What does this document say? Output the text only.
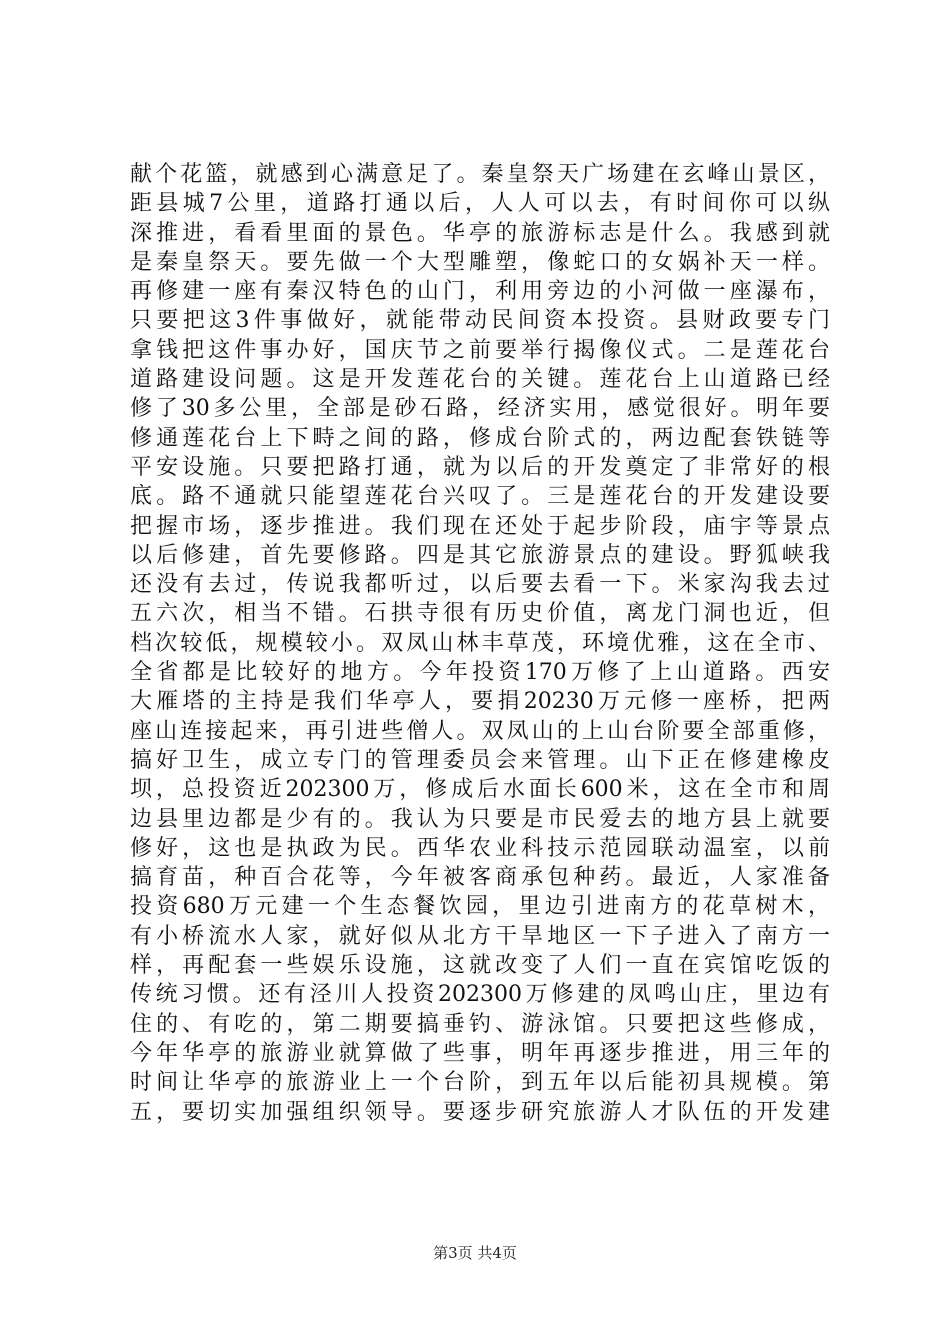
献个花篮，就感到心满意足了。秦皇祭天广场建在玄峰山景区，
距县城7公里，道路打通以后，人人可以去，有时间你可以纵
深推进，看看里面的景色。华亭的旅游标志是什么。我感到就
是秦皇祭天。要先做一个大型雕塑，像蛇口的女娲补天一样。
再修建一座有秦汉特色的山门，利用旁边的小河做一座瀑布，
只要把这3件事做好，就能带动民间资本投资。县财政要专门
拿钱把这件事办好，国庆节之前要举行揭像仪式。二是莲花台
道路建设问题。这是开发莲花台的关键。莲花台上山道路已经
修了30多公里，全部是砂石路，经济实用，感觉很好。明年要
修通莲花台上下畤之间的路，修成台阶式的，两边配套铁链等
平安设施。只要把路打通，就为以后的开发奠定了非常好的根
底。路不通就只能望莲花台兴叹了。三是莲花台的开发建设要
把握市场，逐步推进。我们现在还处于起步阶段，庙宇等景点
以后修建，首先要修路。四是其它旅游景点的建设。野狐峡我
还没有去过，传说我都听过，以后要去看一下。米家沟我去过
五六次，相当不错。石拱寺很有历史价值，离龙门洞也近，但
档次较低，规模较小。双凤山林丰草茂，环境优雅，这在全市、
全省都是比较好的地方。今年投资170万修了上山道路。西安
大雁塔的主持是我们华亭人，要捐20230万元修一座桥，把两
座山连接起来，再引进些僧人。双凤山的上山台阶要全部重修，
搞好卫生，成立专门的管理委员会来管理。山下正在修建橡皮
坝，总投资近202300万，修成后水面长600米，这在全市和周
边县里边都是少有的。我认为只要是市民爱去的地方县上就要
修好，这也是执政为民。西华农业科技示范园联动温室，以前
搞育苗，种百合花等，今年被客商承包种药。最近，人家准备
投资680万元建一个生态餐饮园，里边引进南方的花草树木，
有小桥流水人家，就好似从北方干旱地区一下子进入了南方一
样，再配套一些娱乐设施，这就改变了人们一直在宾馆吃饭的
传统习惯。还有泾川人投资202300万修建的凤鸣山庄，里边有
住的、有吃的，第二期要搞垂钓、游泳馆。只要把这些修成，
今年华亭的旅游业就算做了些事，明年再逐步推进，用三年的
时间让华亭的旅游业上一个台阶，到五年以后能初具规模。第
五，要切实加强组织领导。要逐步研究旅游人才队伍的开发建
第3页 共4页
